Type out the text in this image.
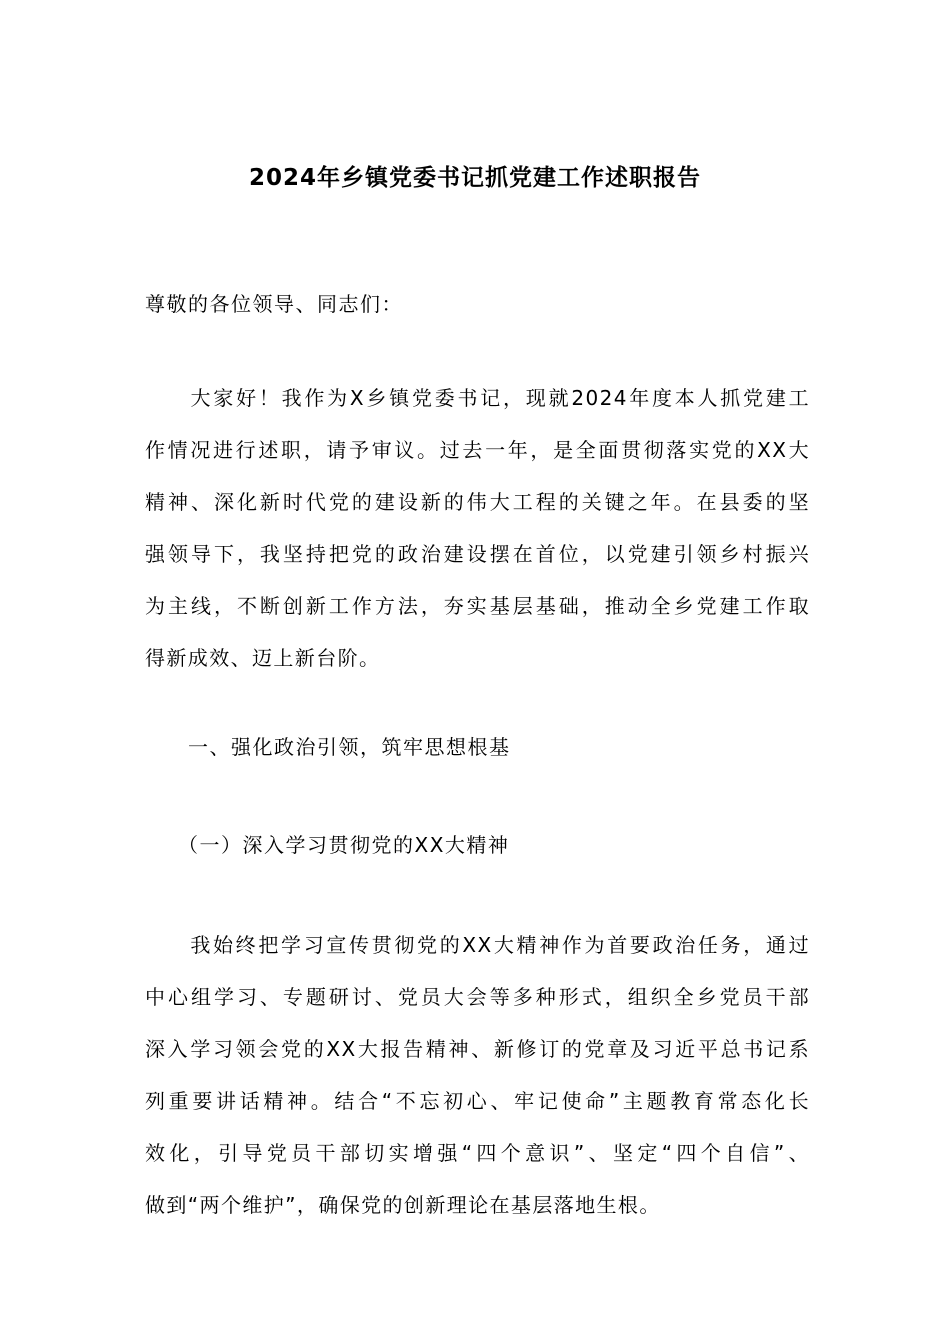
2024年乡镇党委书记抓党建工作述职报告
尊敬的各位领导、同志们：
　　大家好！我作为X乡镇党委书记，现就2024年度本人抓党建工
作情况进行述职，请予审议。过去一年，是全面贯彻落实党的XX大
精神、深化新时代党的建设新的伟大工程的关键之年。在县委的坚
强领导下，我坚持把党的政治建设摆在首位，以党建引领乡村振兴
为主线，不断创新工作方法，夯实基层基础，推动全乡党建工作取
得新成效、迈上新台阶。
　　一、强化政治引领，筑牢思想根基
　　（一）深入学习贯彻党的XX大精神
　　我始终把学习宣传贯彻党的XX大精神作为首要政治任务，通过
中心组学习、专题研讨、党员大会等多种形式，组织全乡党员干部
深入学习领会党的XX大报告精神、新修订的党章及习近平总书记系
列重要讲话精神。结合“不忘初心、牢记使命”主题教育常态化长
效化，引导党员干部切实增强“四个意识”、坚定“四个自信”、
做到“两个维护”，确保党的创新理论在基层落地生根。
